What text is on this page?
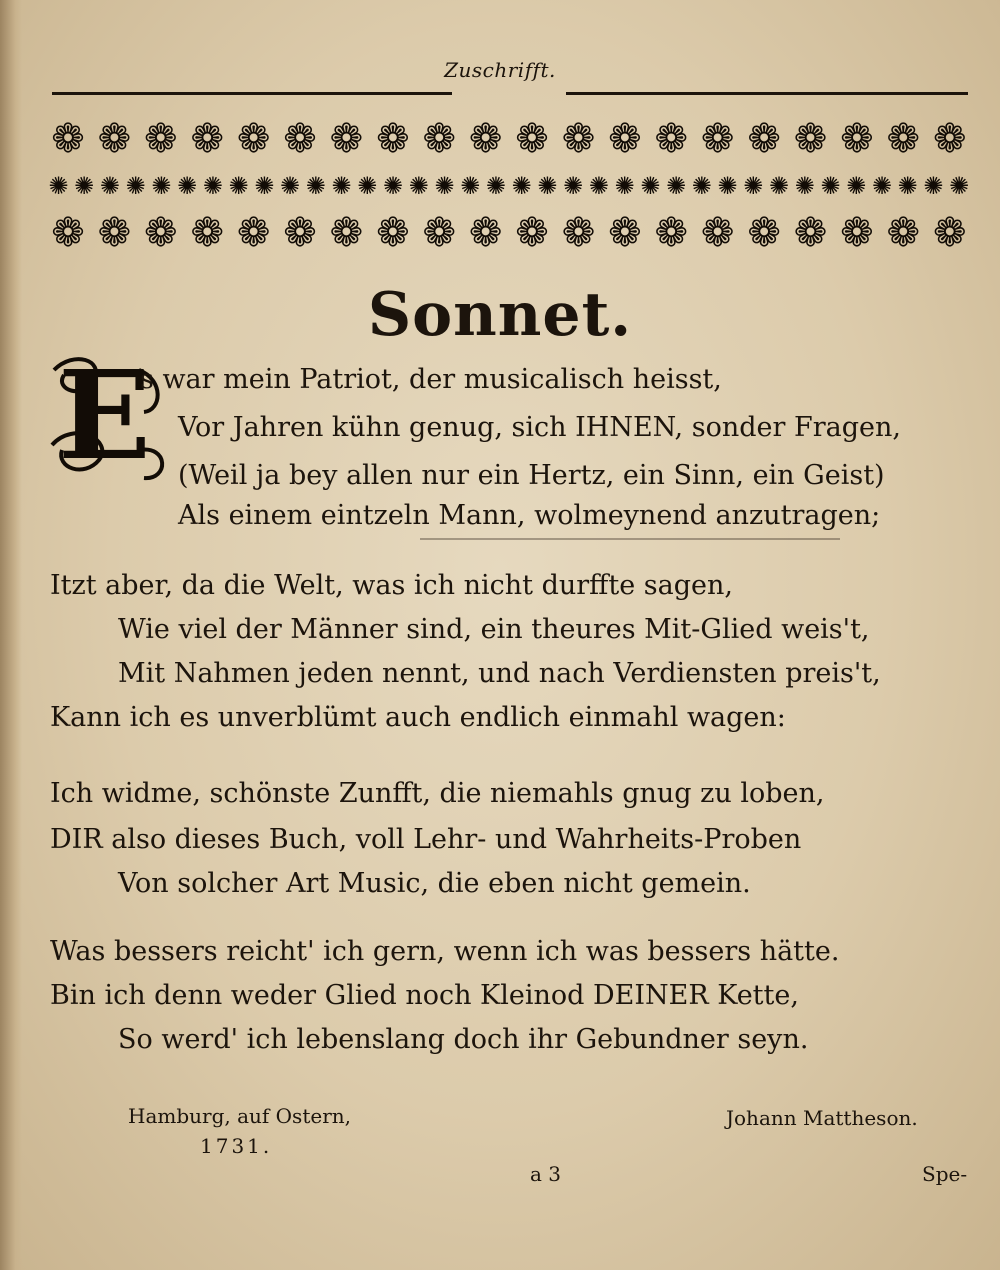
Zuschrifft.
❁ ❁ ❁ ❁ ❁ ❁ ❁ ❁ ❁ ❁ ❁ ❁ ❁ ❁ ❁ ❁ ❁ ❁ ❁ ❁
✺ ✺ ✺ ✺ ✺ ✺ ✺ ✺ ✺ ✺ ✺ ✺ ✺ ✺ ✺ ✺ ✺ ✺ ✺ ✺ ✺ ✺ ✺ ✺ ✺ ✺ ✺ ✺ ✺ ✺ ✺ ✺ ✺ ✺ ✺ ✺
❁ ❁ ❁ ❁ ❁ ❁ ❁ ❁ ❁ ❁ ❁ ❁ ❁ ❁ ❁ ❁ ❁ ❁ ❁ ❁
Sonnet.
E
s war mein Patriot, der musicalisch heisst,
Vor Jahren kühn genug, sich IHNEN, sonder Fragen,
(Weil ja bey allen nur ein Hertz, ein Sinn, ein Geist)
Als einem eintzeln Mann, wolmeynend anzutragen;
Itzt aber, da die Welt, was ich nicht durffte sagen,
Wie viel der Männer sind, ein theures Mit-Glied weis't,
Mit Nahmen jeden nennt, und nach Verdiensten preis't,
Kann ich es unverblümt auch endlich einmahl wagen:
Ich widme, schönste Zunfft, die niemahls gnug zu loben,
DIR also dieses Buch, voll Lehr- und Wahrheits-Proben
Von solcher Art Music, die eben nicht gemein.
Was bessers reicht' ich gern, wenn ich was bessers hätte.
Bin ich denn weder Glied noch Kleinod DEINER Kette,
So werd' ich lebenslang doch ihr Gebundner seyn.
Hamburg, auf Ostern,
1731.
Johann Mattheson.
a 3	Spe-
